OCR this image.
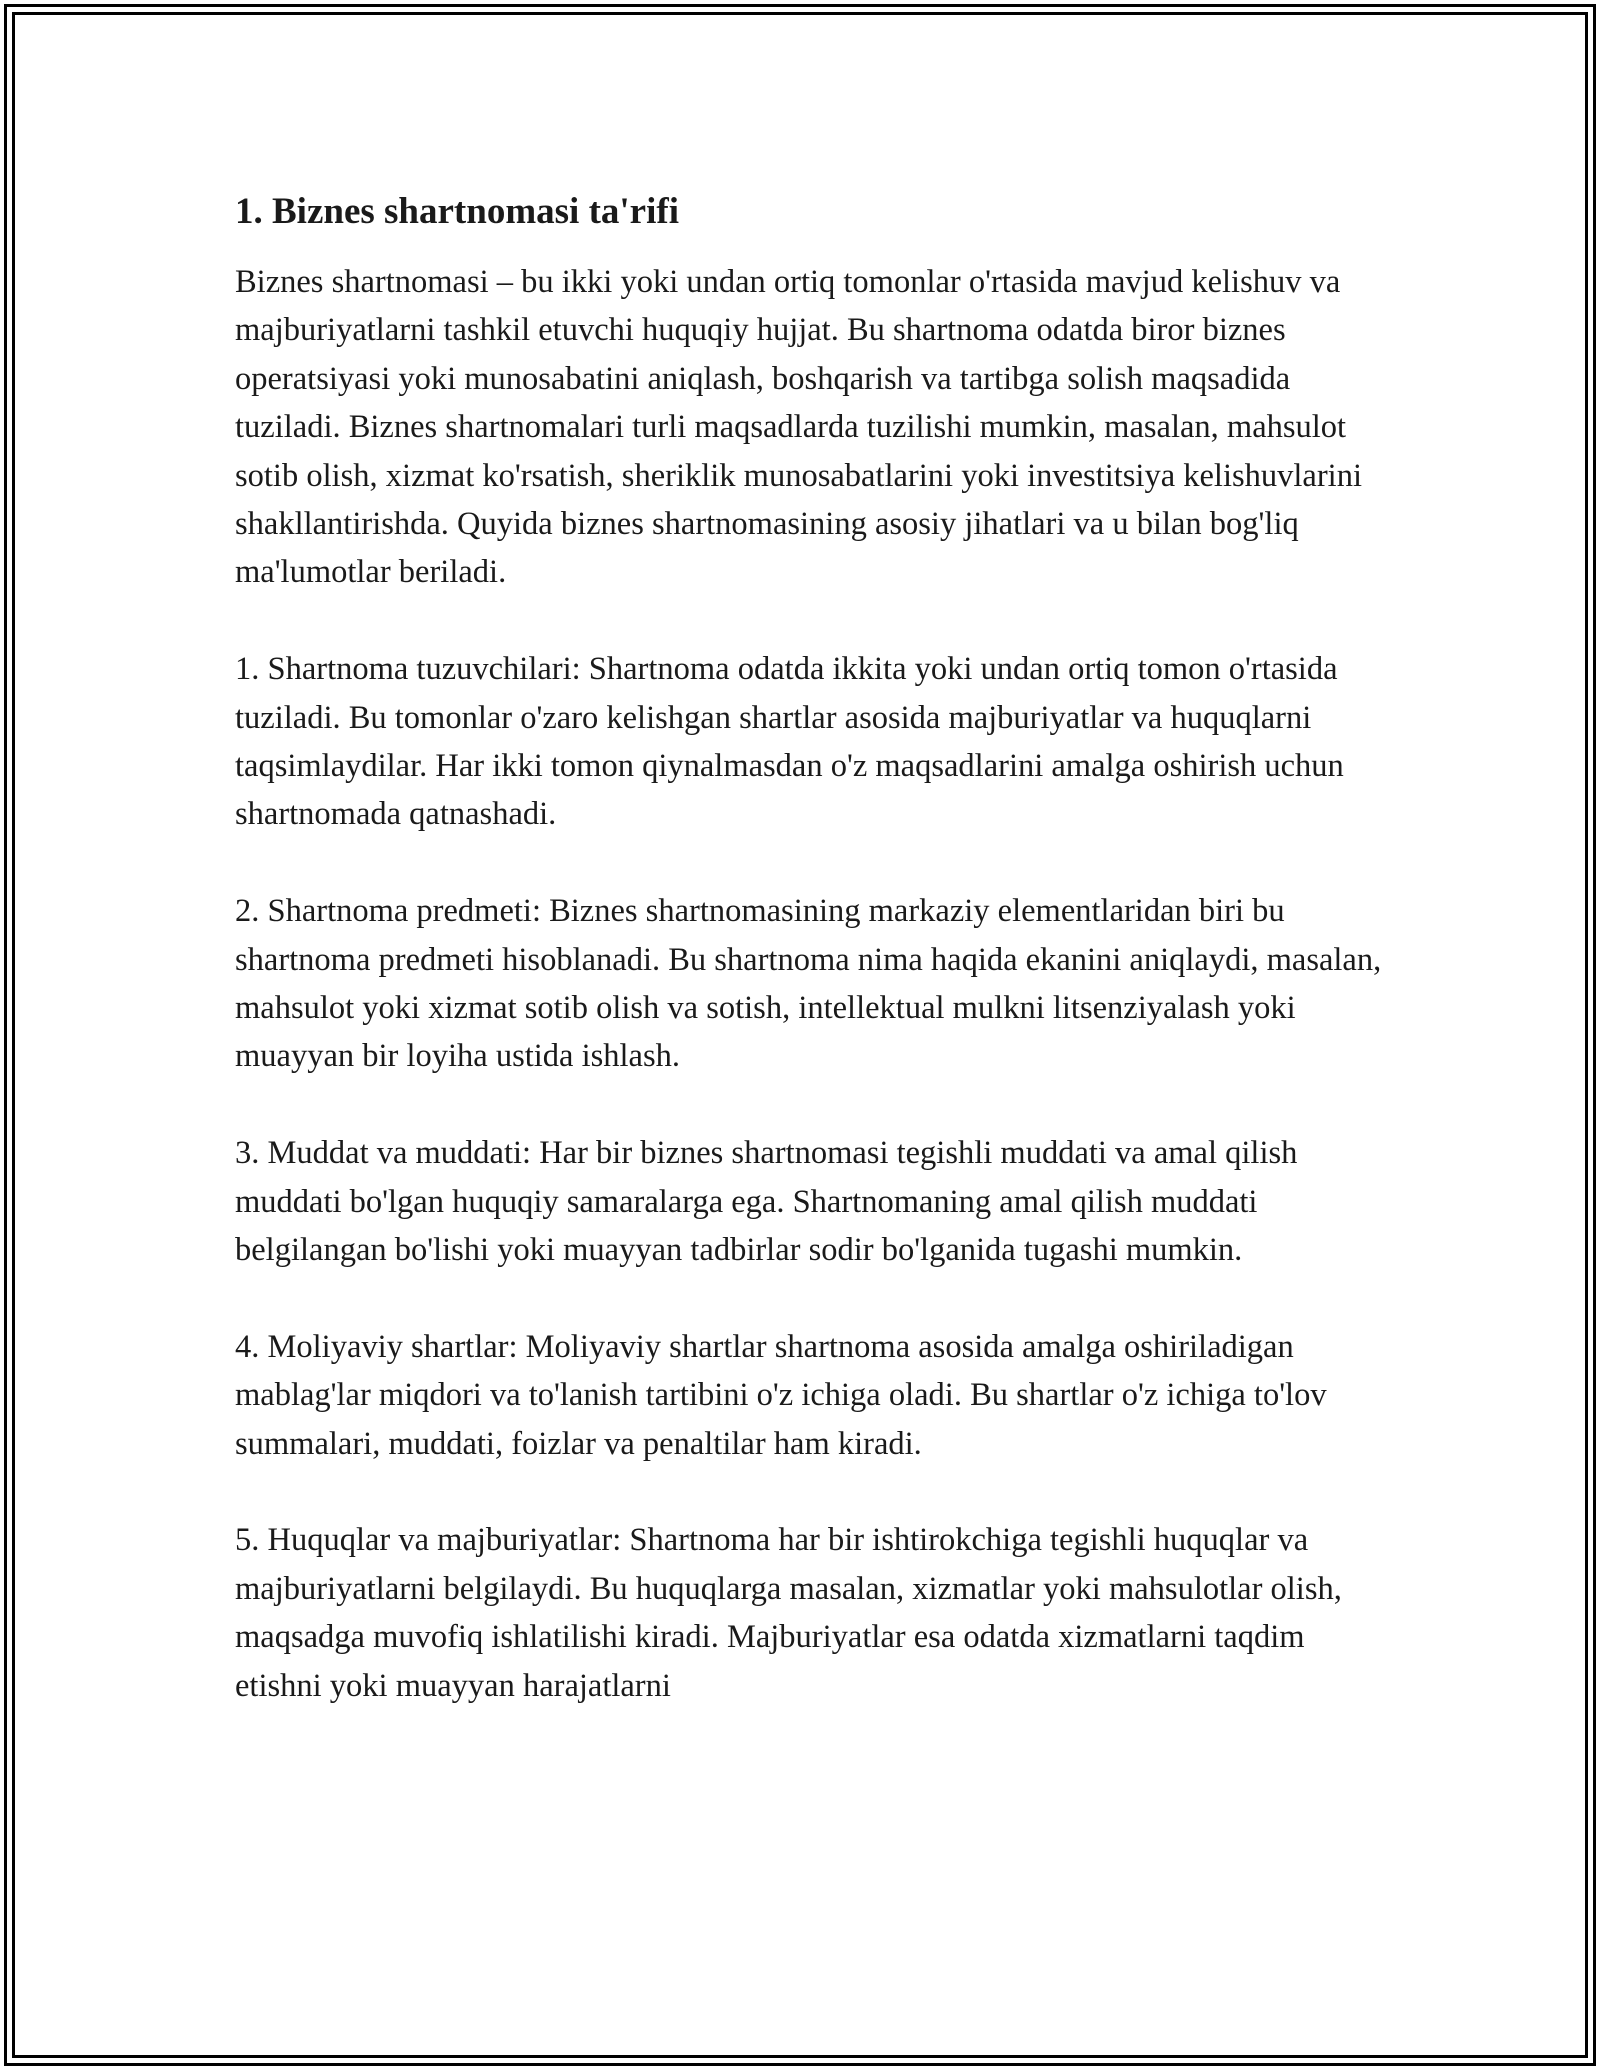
1. Biznes shartnomasi ta'rifi

Biznes shartnomasi – bu ikki yoki undan ortiq tomonlar o'rtasida mavjud kelishuv va majburiyatlarni tashkil etuvchi huquqiy hujjat. Bu shartnoma odatda biror biznes operatsiyasi yoki munosabatini aniqlash, boshqarish va tartibga solish maqsadida tuziladi. Biznes shartnomalari turli maqsadlarda tuzilishi mumkin, masalan, mahsulot sotib olish, xizmat ko'rsatish, sheriklik munosabatlarini yoki investitsiya kelishuvlarini shakllantirishda. Quyida biznes shartnomasining asosiy jihatlari va u bilan bog'liq ma'lumotlar beriladi.

1. Shartnoma tuzuvchilari: Shartnoma odatda ikkita yoki undan ortiq tomon o'rtasida tuziladi. Bu tomonlar o'zaro kelishgan shartlar asosida majburiyatlar va huquqlarni taqsimlaydilar. Har ikki tomon qiynalmasdan o'z maqsadlarini amalga oshirish uchun shartnomada qatnashadi.

2. Shartnoma predmeti: Biznes shartnomasining markaziy elementlaridan biri bu shartnoma predmeti hisoblanadi. Bu shartnoma nima haqida ekanini aniqlaydi, masalan, mahsulot yoki xizmat sotib olish va sotish, intellektual mulkni litsenziyalash yoki muayyan bir loyiha ustida ishlash.

3. Muddat va muddati: Har bir biznes shartnomasi tegishli muddati va amal qilish muddati bo'lgan huquqiy samaralarga ega. Shartnomaning amal qilish muddati belgilangan bo'lishi yoki muayyan tadbirlar sodir bo'lganida tugashi mumkin.

4. Moliyaviy shartlar: Moliyaviy shartlar shartnoma asosida amalga oshiriladigan mablag'lar miqdori va to'lanish tartibini o'z ichiga oladi. Bu shartlar o'z ichiga to'lov summalari, muddati, foizlar va penaltilar ham kiradi.

5. Huquqlar va majburiyatlar: Shartnoma har bir ishtirokchiga tegishli huquqlar va majburiyatlarni belgilaydi. Bu huquqlarga masalan, xizmatlar yoki mahsulotlar olish, maqsadga muvofiq ishlatilishi kiradi. Majburiyatlar esa odatda xizmatlarni taqdim etishni yoki muayyan harajatlarni
